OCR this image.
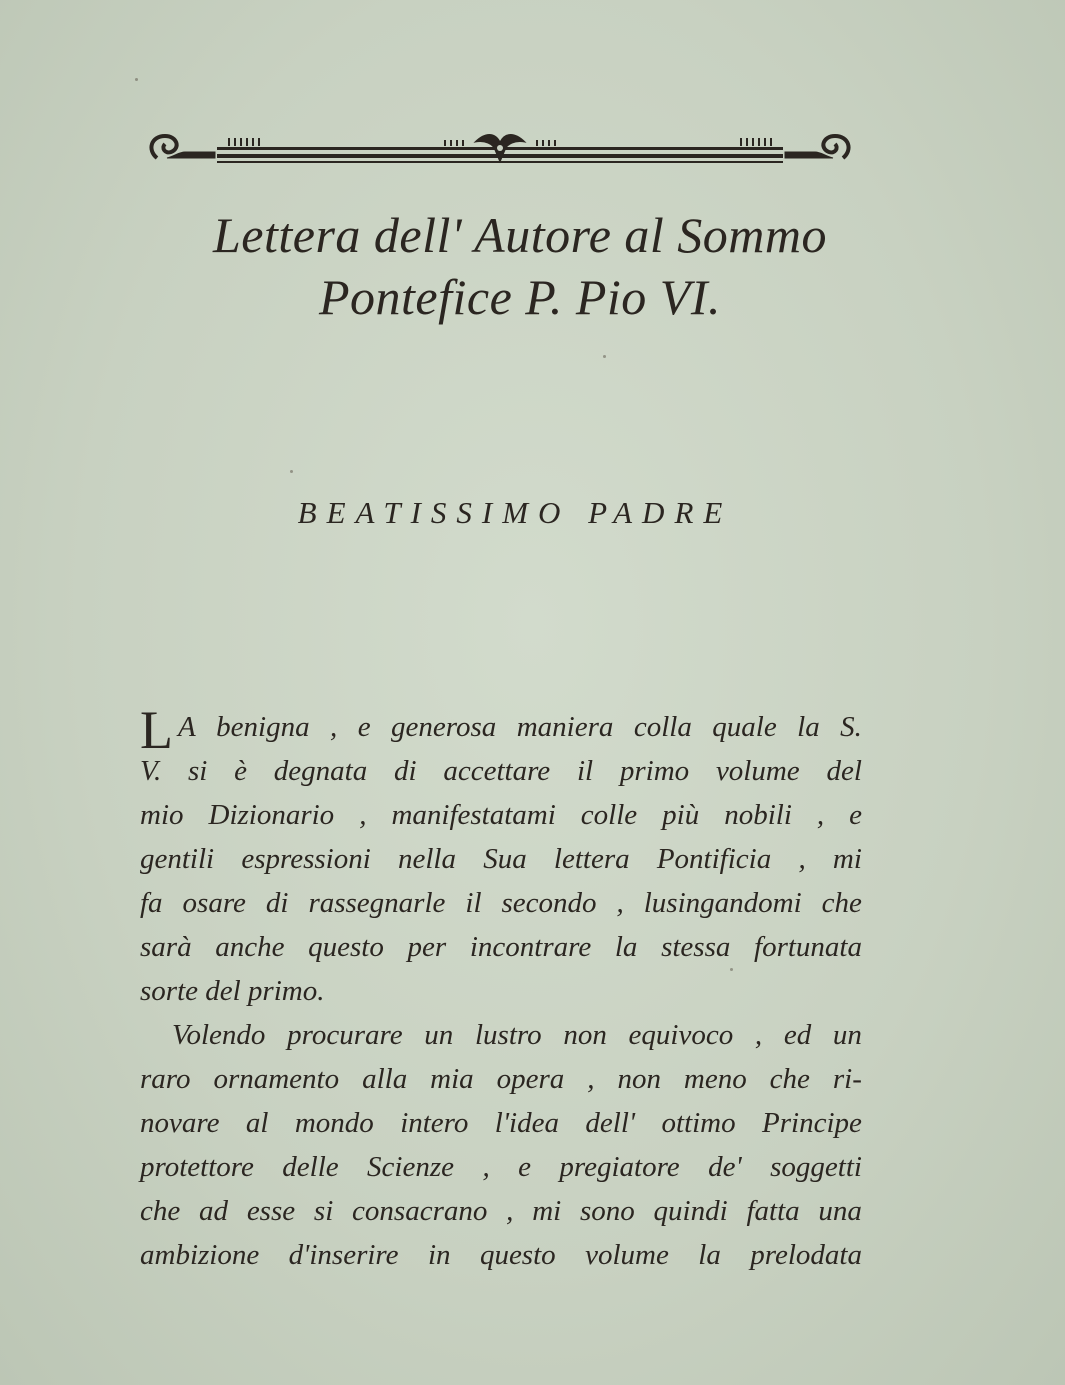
Lettera dell' Autore al Sommo
Pontefice P. Pio VI.
BEATISSIMO PADRE
L A benigna , e generosa maniera colla quale la S.
V. si è degnata di accettare il primo volume del
mio Dizionario , manifestatami colle più nobili , e
gentili espressioni nella Sua lettera Pontificia , mi
fa osare di rassegnarle il secondo , lusingandomi che
sarà anche questo per incontrare la stessa fortunata
sorte del primo.
Volendo procurare un lustro non equivoco , ed un
raro ornamento alla mia opera , non meno che ri-
novare al mondo intero l'idea dell' ottimo Principe
protettore delle Scienze , e pregiatore de' soggetti
che ad esse si consacrano , mi sono quindi fatta una
ambizione d'inserire in questo volume la prelodata
